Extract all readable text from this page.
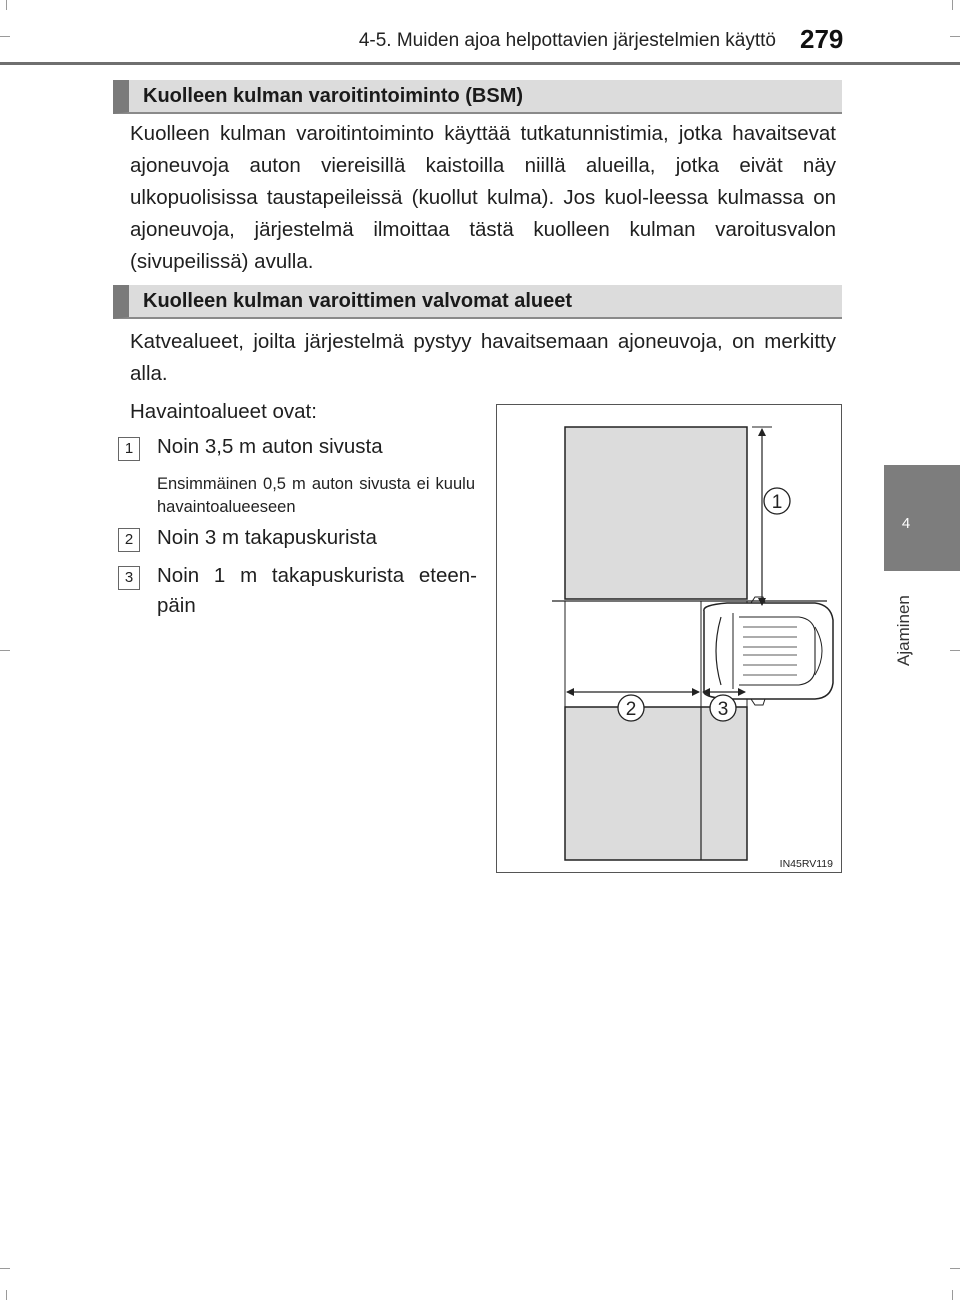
4-5. Muiden ajoa helpottavien järjestelmien käyttö 279
4
Ajaminen
Kuolleen kulman varoitintoiminto (BSM)
Kuolleen kulman varoitintoiminto käyttää tutkatunnistimia, jotka havaitsevat ajoneuvoja auton viereisillä kaistoilla niillä alueilla, jotka eivät näy ulkopuolisissa taustapeileissä (kuollut kulma). Jos kuol-leessa kulmassa on ajoneuvoja, järjestelmä ilmoittaa tästä kuolleen kulman varoitusvalon (sivupeilissä) avulla.
Kuolleen kulman varoittimen valvomat alueet
Katvealueet, joilta järjestelmä pystyy havaitsemaan ajoneuvoja, on merkitty alla.
Havaintoalueet ovat:
1	Noin 3,5 m auton sivusta
Ensimmäinen 0,5 m auton sivusta ei kuulu havaintoalueeseen
2	Noin 3 m takapuskurista
3	Noin 1 m takapuskurista eteen-päin
1
2	3
IN45RV119
